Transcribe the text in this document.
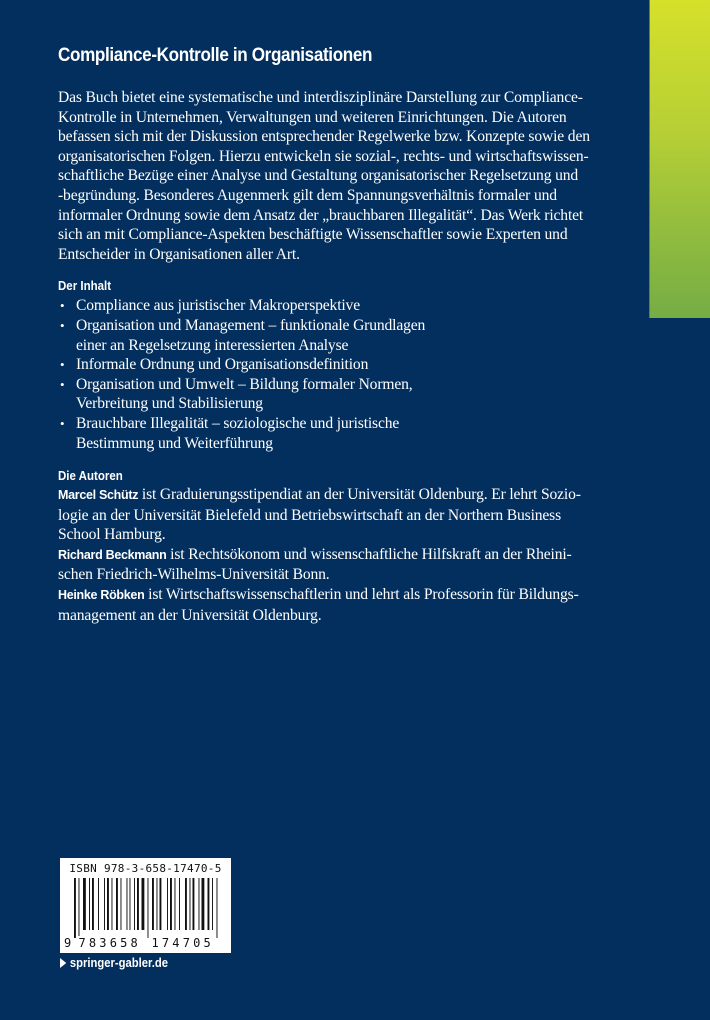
Compliance-Kontrolle in Organisationen
Das Buch bietet eine systematische und interdisziplinäre Darstellung zur Compliance-
Kontrolle in Unternehmen, Verwaltungen und weiteren Einrichtungen. Die Autoren
befassen sich mit der Diskussion entsprechender Regelwerke bzw. Konzepte sowie den
organisatorischen Folgen. Hierzu entwickeln sie sozial-, rechts- und wirtschaftswissen-
schaftliche Bezüge einer Analyse und Gestaltung organisatorischer Regelsetzung und
-begründung. Besonderes Augenmerk gilt dem Spannungsverhältnis formaler und
informaler Ordnung sowie dem Ansatz der „brauchbaren Illegalität“. Das Werk richtet
sich an mit Compliance-Aspekten beschäftigte Wissenschaftler sowie Experten und
Entscheider in Organisationen aller Art.
Der Inhalt
• Compliance aus juristischer Makroperspektive
• Organisation und Management – funktionale Grundlagen
einer an Regelsetzung interessierten Analyse
• Informale Ordnung und Organisationsdefinition
• Organisation und Umwelt – Bildung formaler Normen,
Verbreitung und Stabilisierung
• Brauchbare Illegalität – soziologische und juristische
Bestimmung und Weiterführung
Die Autoren
Marcel Schütz ist Graduierungsstipendiat an der Universität Oldenburg. Er lehrt Sozio-
logie an der Universität Bielefeld und Betriebswirtschaft an der Northern Business
School Hamburg.
Richard Beckmann ist Rechtsökonom und wissenschaftliche Hilfskraft an der Rheini-
schen Friedrich-Wilhelms-Universität Bonn.
Heinke Röbken ist Wirtschaftswissenschaftlerin und lehrt als Professorin für Bildungs-
management an der Universität Oldenburg.
ISBN 978-3-658-17470-5
9 783658 174705
springer-gabler.de
